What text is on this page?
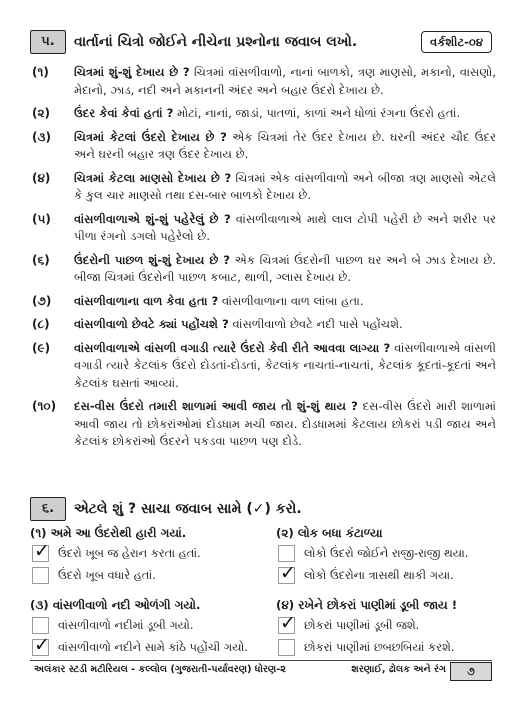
૫.	વાર્તાનાં ચિત્રો જોઈને નીચેના પ્રશ્નોના જવાબ લખો.	વર્કશીટ-૦૪
(૧)	ચિત્રમાં શું-શું દેખાય છે ? ચિત્રમાં વાંસળીવાળો, નાનાં બાળકો, ત્રણ માણસો, મકાનો, વાસણો, મેદાનો, ઝાડ, નદી અને મકાનની અંદર અને બહાર ઉંદરો દેખાય છે.
(૨)	ઉંદર કેવાં કેવાં હતાં ? મોટાં, નાનાં, જાડાં, પાતળાં, કાળાં અને ધોળાં રંગના ઉંદરો હતાં.
(૩)	ચિત્રમાં કેટલાં ઉંદરો દેખાય છે ? એક ચિત્રમાં તેર ઉંદર દેખાય છે. ઘરની અંદર ચૌદ ઉંદર અને ઘરની બહાર ત્રણ ઉંદર દેખાય છે.
(૪)	ચિત્રમાં કેટલા માણસો દેખાય છે ? ચિત્રમાં એક વાંસળીવાળો અને બીજા ત્રણ માણસો એટલે કે કુલ ચાર માણસો તથા દસ-બાર બાળકો દેખાય છે.
(૫)	વાંસળીવાળાએ શું-શું પહેરેલું છે ? વાંસળીવાળાએ માથે લાલ ટોપી પહેરી છે અને શરીર પર પીળા રંગનો ડગલો પહેરેલો છે.
(૬)	ઉંદરોની પાછળ શું-શું દેખાય છે ? એક ચિત્રમાં ઉંદરોની પાછળ ઘર અને બે ઝાડ દેખાય છે. બીજા ચિત્રમાં ઉંદરોની પાછળ કબાટ, થાળી, ગ્લાસ દેખાય છે.
(૭)	વાંસળીવાળાના વાળ કેવા હતા ? વાંસળીવાળાના વાળ લાંબા હતા.
(૮)	વાંસળીવાળો છેવટે ક્યાં પહોંચશે ? વાંસળીવાળો છેવટે નદી પાસે પહોંચશે.
(૯)	વાંસળીવાળાએ વાંસળી વગાડી ત્યારે ઉંદરો કેવી રીતે આવવા લાગ્યા ? વાંસળીવાળાએ વાંસળી વગાડી ત્યારે કેટલાંક ઉંદરો દોડતાં-દોડતાં, કેટલાંક નાચતાં-નાચતાં, કેટલાંક કૂદતાં-કૂદતાં અને કેટલાંક ઘસતાં આવ્યાં.
(૧૦)	દસ-વીસ ઉંદરો તમારી શાળામાં આવી જાય તો શું-શું થાય ? દસ-વીસ ઉંદરો મારી શાળામાં આવી જાય તો છોકરાંઓમાં દોડધામ મચી જાય. દોડધામમાં કેટલાય છોકરાં પડી જાય અને કેટલાંક છોકરાંઓ ઉંદરને પકડવા પાછળ પણ દોડે.
૬.	એટલે શું ? સાચા જવાબ સામે (✓) કરો.
(૧) અમે આ ઉંદરોથી હારી ગયાં.
✓ ઉંદરો ખૂબ જ હેરાન કરતા હતાં.
ઉંદરો ખૂબ વધારે હતાં.
(૨) લોક બધા કંટાળ્યા
લોકો ઉંદરો જોઈને રાજી-રાજી થયા.
✓ લોકો ઉંદરોના ત્રાસથી થાકી ગયા.
(૩) વાંસળીવાળો નદી ઓળંગી ગયો.
વાંસળીવાળો નદીમાં ડૂબી ગયો.
✓ વાંસળીવાળો નદીને સામે કાંઠે પહોંચી ગયો.
(૪) રખેને છોકરાં પાણીમાં ડૂબી જાય !
✓ છોકરાં પાણીમાં ડૂબી જશે.
છોકરાં પાણીમાં છબછબિયાં કરશે.
અલંકાર સ્ટડી મટીરિયલ - કલ્લોલ (ગુજરાતી-પર્યાવરણ) ધોરણ-૨	શરણાઈ, ઢોલક અને રંગ	૭
